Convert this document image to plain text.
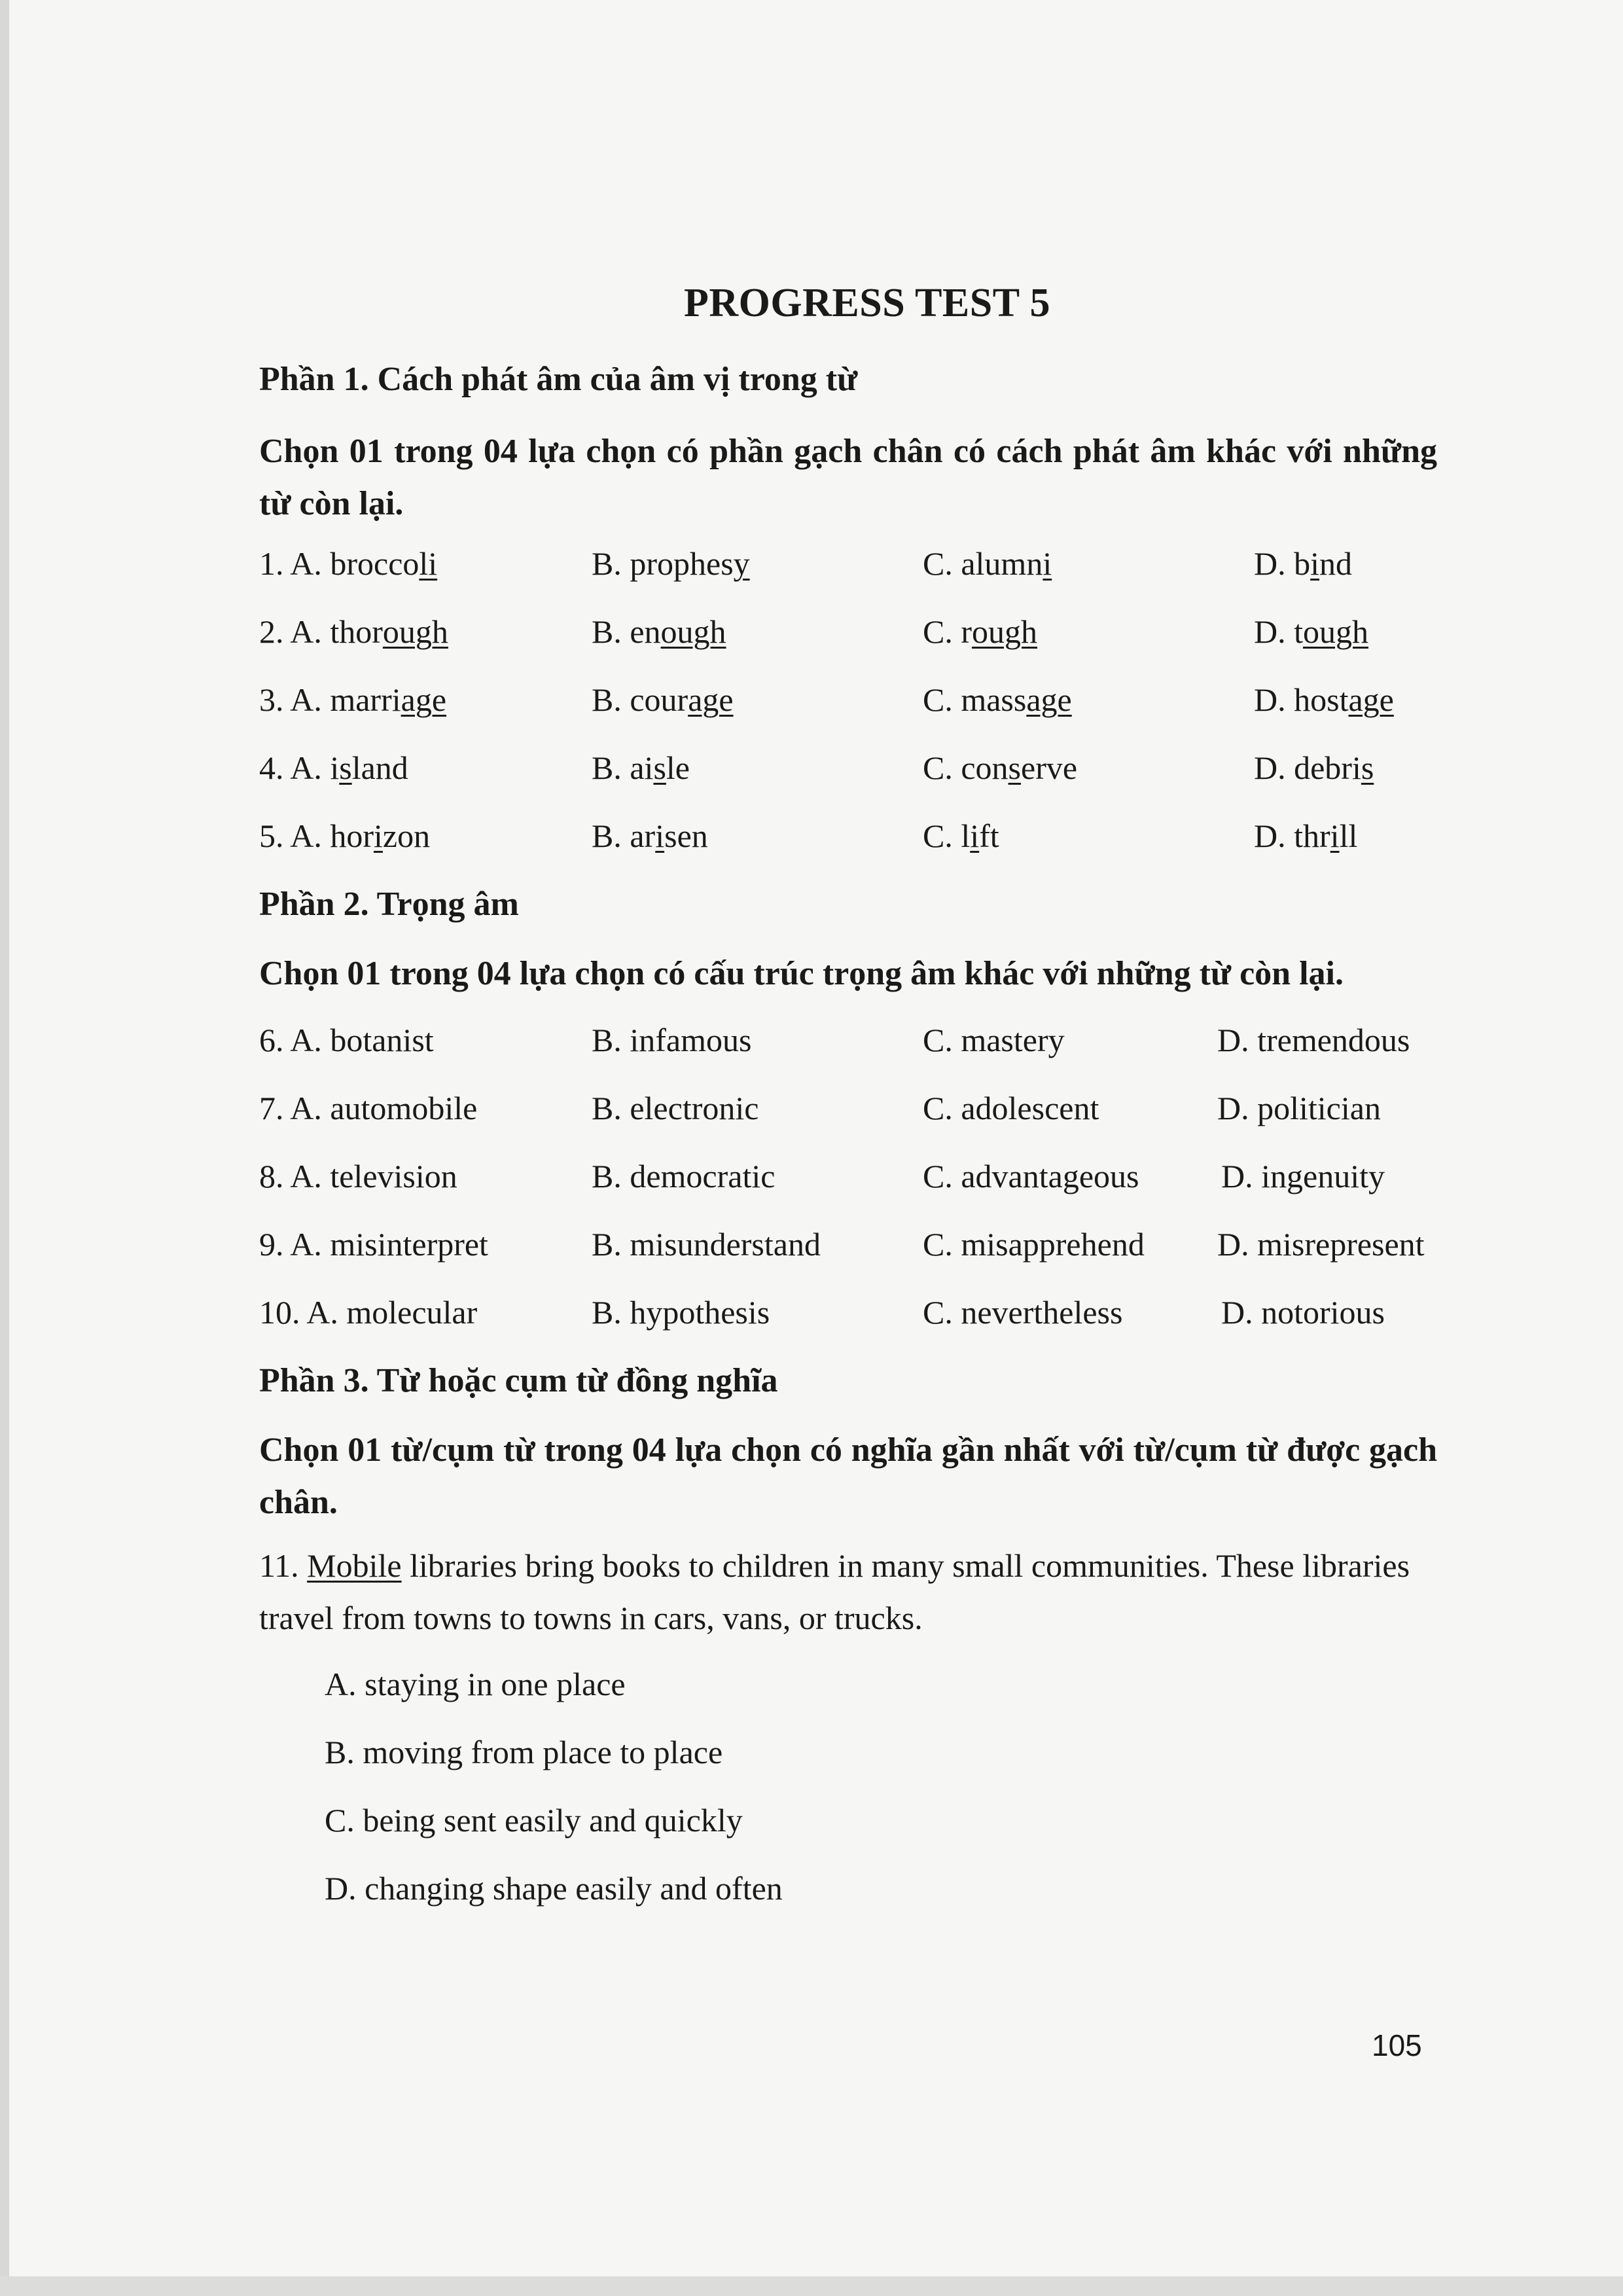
PROGRESS TEST 5
Phần 1. Cách phát âm của âm vị trong từ
Chọn 01 trong 04 lựa chọn có phần gạch chân có cách phát âm khác với những từ còn lại.
1. A. broccoli	B. prophesy	C. alumni	D. bind
2. A. thorough	B. enough	C. rough	D. tough
3. A. marriage	B. courage	C. massage	D. hostage
4. A. island	B. aisle	C. conserve	D. debris
5. A. horizon	B. arisen	C. lift	D. thrill
Phần 2. Trọng âm
Chọn 01 trong 04 lựa chọn có cấu trúc trọng âm khác với những từ còn lại.
6. A. botanist	B. infamous	C. mastery	D. tremendous
7. A. automobile	B. electronic	C. adolescent	D. politician
8. A. television	B. democratic	C. advantageous	D. ingenuity
9. A. misinterpret	B. misunderstand	C. misapprehend D. misrepresent
10. A. molecular	B. hypothesis	C. nevertheless	D. notorious
Phần 3. Từ hoặc cụm từ đồng nghĩa
Chọn 01 từ/cụm từ trong 04 lựa chọn có nghĩa gần nhất với từ/cụm từ được gạch chân.
11. Mobile libraries bring books to children in many small communities. These libraries travel from towns to towns in cars, vans, or trucks.
A. staying in one place
B. moving from place to place
C. being sent easily and quickly
D. changing shape easily and often
105
